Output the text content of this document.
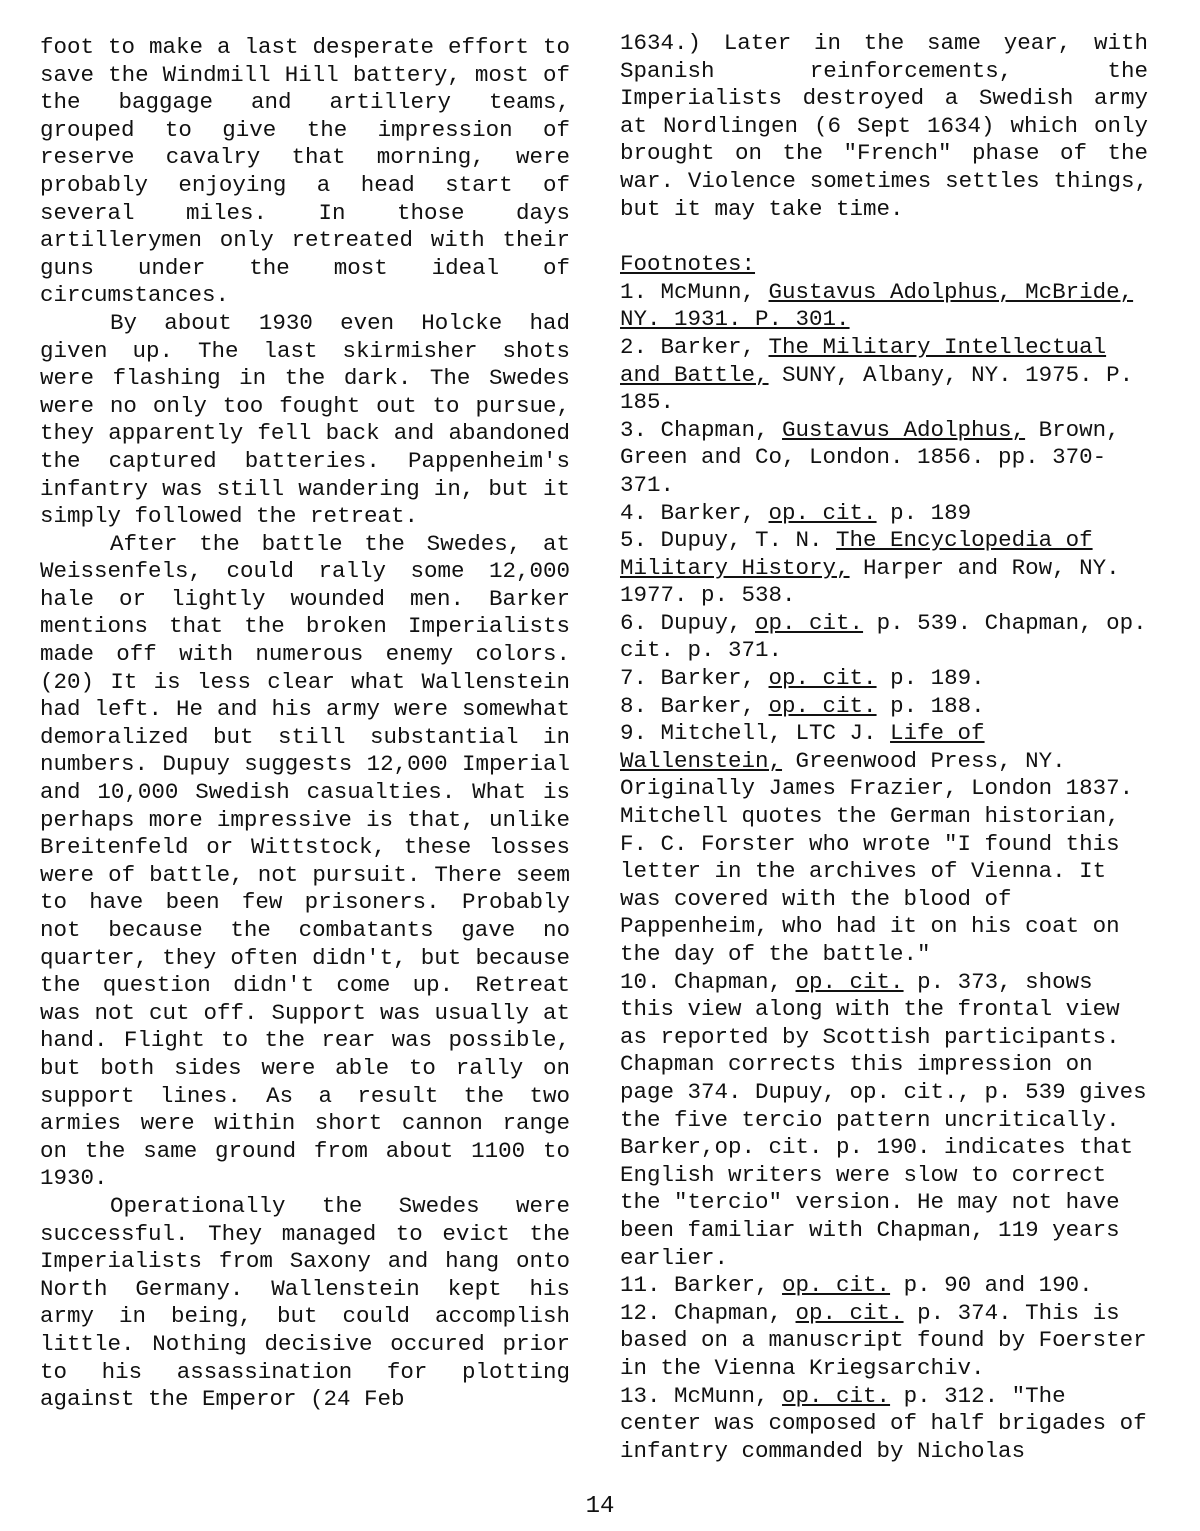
foot to make a last desperate effort to save the Windmill Hill battery, most of the baggage and artillery teams, grouped to give the impression of reserve cavalry that morning, were probably enjoying a head start of several miles. In those days artillerymen only retreated with their guns under the most ideal of circumstances.

By about 1930 even Holcke had given up. The last skirmisher shots were flashing in the dark. The Swedes were no only too fought out to pursue, they apparently fell back and abandoned the captured batteries. Pappenheim's infantry was still wandering in, but it simply followed the retreat.

After the battle the Swedes, at Weissenfels, could rally some 12,000 hale or lightly wounded men. Barker mentions that the broken Imperialists made off with numerous enemy colors. (20) It is less clear what Wallenstein had left. He and his army were somewhat demoralized but still substantial in numbers. Dupuy suggests 12,000 Imperial and 10,000 Swedish casualties. What is perhaps more impressive is that, unlike Breitenfeld or Wittstock, these losses were of battle, not pursuit. There seem to have been few prisoners. Probably not because the combatants gave no quarter, they often didn't, but because the question didn't come up. Retreat was not cut off. Support was usually at hand. Flight to the rear was possible, but both sides were able to rally on support lines. As a result the two armies were within short cannon range on the same ground from about 1100 to 1930.

Operationally the Swedes were successful. They managed to evict the Imperialists from Saxony and hang onto North Germany. Wallenstein kept his army in being, but could accomplish little. Nothing decisive occured prior to his assassination for plotting against the Emperor (24 Feb

1634.) Later in the same year, with Spanish reinforcements, the Imperialists destroyed a Swedish army at Nordlingen (6 Sept 1634) which only brought on the "French" phase of the war. Violence sometimes settles things, but it may take time.

Footnotes:

1. McMunn, Gustavus Adolphus, McBride, NY. 1931. P. 301.

2. Barker, The Military Intellectual and Battle, SUNY, Albany, NY. 1975. P. 185.

3. Chapman, Gustavus Adolphus, Brown, Green and Co, London. 1856. pp. 370-371.

4. Barker, op. cit. p. 189

5. Dupuy, T. N. The Encyclopedia of Military History, Harper and Row, NY. 1977. p. 538.

6. Dupuy, op. cit. p. 539. Chapman, op. cit. p. 371.

7. Barker, op. cit. p. 189.

8. Barker, op. cit. p. 188.

9. Mitchell, LTC J. Life of Wallenstein, Greenwood Press, NY. Originally James Frazier, London 1837. Mitchell quotes the German historian, F. C. Forster who wrote "I found this letter in the archives of Vienna. It was covered with the blood of Pappenheim, who had it on his coat on the day of the battle."

10. Chapman, op. cit. p. 373, shows this view along with the frontal view as reported by Scottish participants. Chapman corrects this impression on page 374. Dupuy, op. cit., p. 539 gives the five tercio pattern uncritically. Barker,op. cit. p. 190. indicates that English writers were slow to correct the "tercio" version. He may not have been familiar with Chapman, 119 years earlier.

11. Barker, op. cit. p. 90 and 190.

12. Chapman, op. cit. p. 374. This is based on a manuscript found by Foerster in the Vienna Kriegsarchiv.

13. McMunn, op. cit. p. 312. "The center was composed of half brigades of infantry commanded by Nicholas

14
